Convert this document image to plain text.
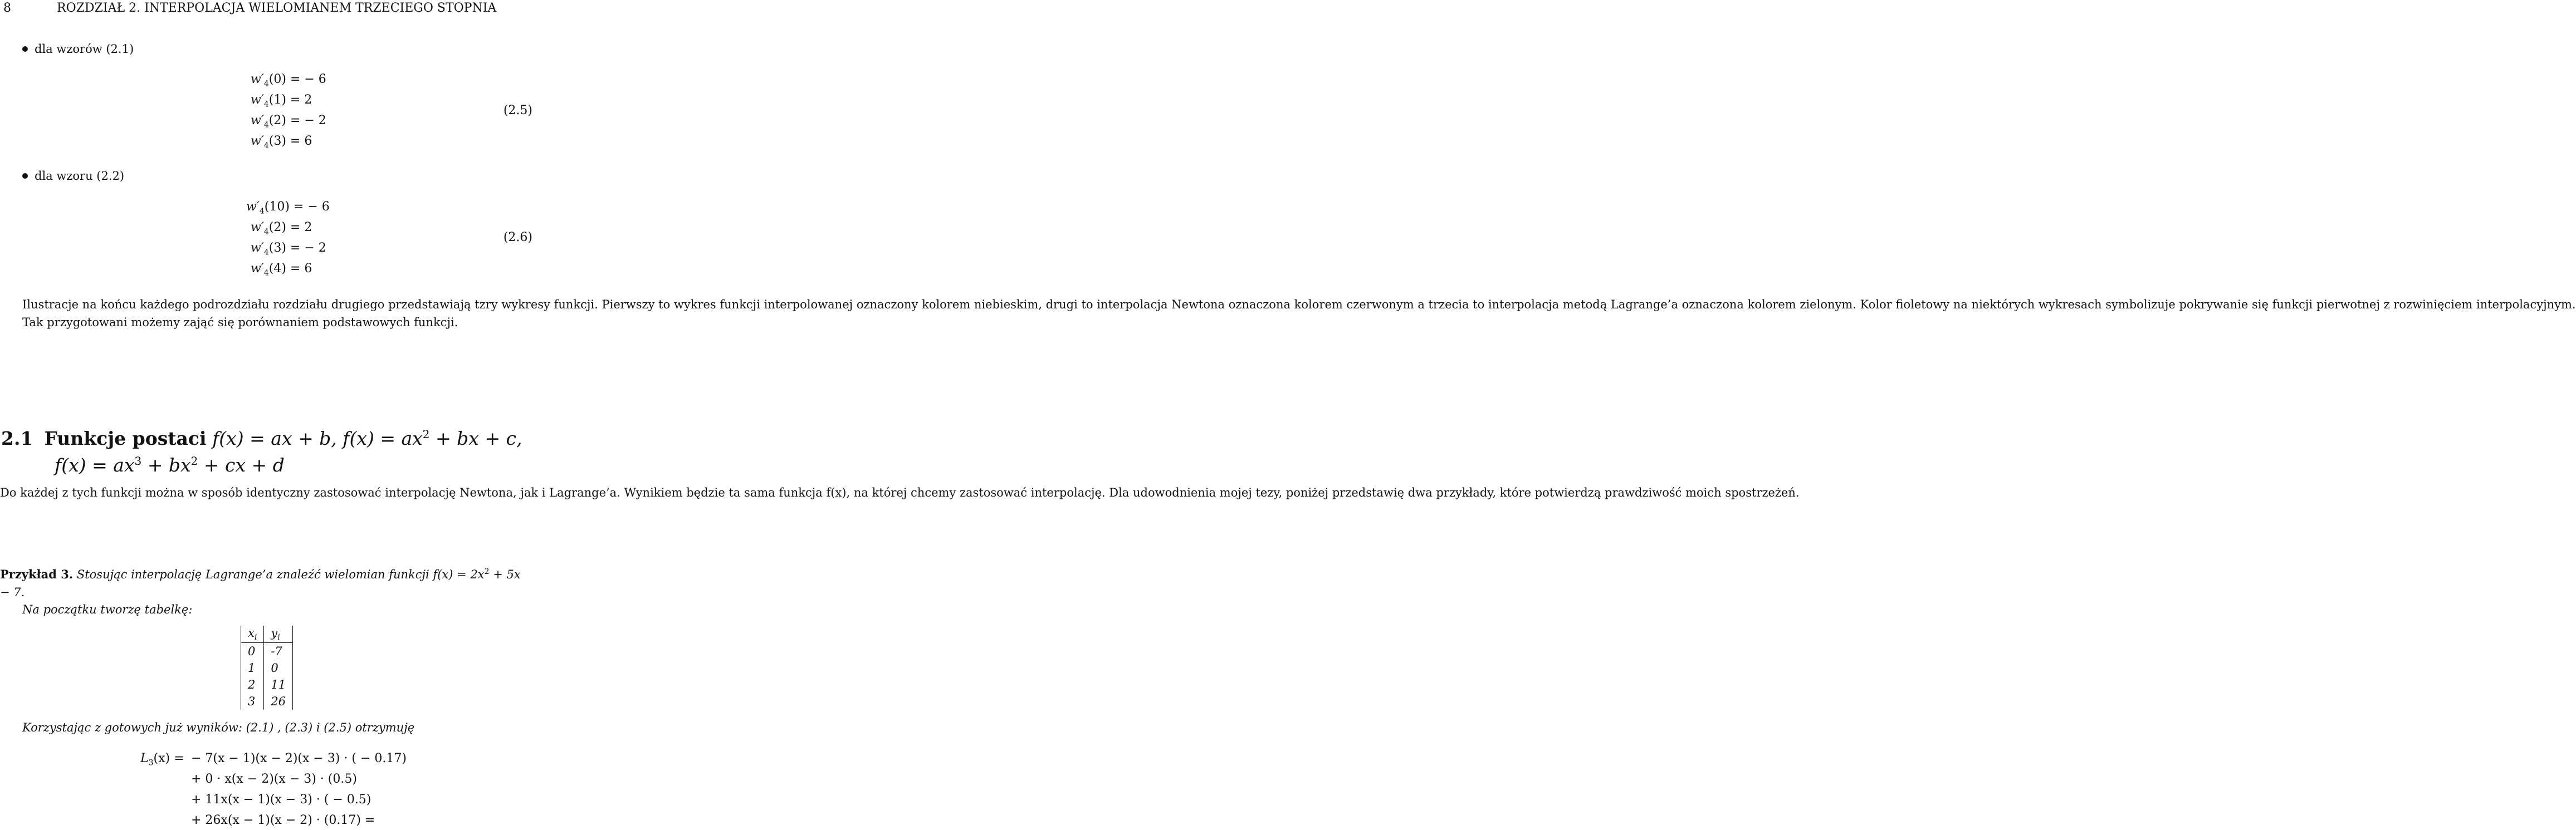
8	ROZDZIAŁ 2. INTERPOLACJA WIELOMIANEM TRZECIEGO STOPNIA
dla wzorów (2.1)
$w'_4(0)$ = − 6
$w'_4(1) = 2$
$w'_4(2)$ = − 2
$w'_4(3) = 6$
(2.5)
dla wzoru (2.2)
$w'_4(10)$ = − 6
$w'_4(2) = 2$
$w'_4(3)$ = − 2
$w'_4(4) = 6$
(2.6)

Ilustracje na końcu każdego podrozdziału rozdziału drugiego przedstawiają tzry wykresy funkcji. Pierwszy to wykres funkcji interpolowanej oznaczony kolorem niebieskim, drugi to interpolacja Newtona oznaczona kolorem czerwonym a trzecia to interpolacja metodą Lagrange’a oznaczona kolorem zielonym. Kolor fioletowy na niektórych wykresach symbolizuje pokrywanie się funkcji pierwotnej z rozwinięciem interpolacyjnym.

Tak przygotowani możemy zająć się porównaniem podstawowych funkcji.

2.1 Funkcje postaci f(x) = ax + b, $f(x) = ax^2$ + bx + c,
$f(x) = ax^3 + bx^2$ + cx + d

Do każdej z tych funkcji można w sposób identyczny zastosować interpolację Newtona, jak i Lagrange’a. Wynikiem będzie ta sama funkcja f(x), na której chcemy zastosować interpolację. Dla udowodnienia mojej tezy, poniżej przedstawię dwa przykłady, które potwierdzą prawdziwość moich spostrzeżeń.

Przykład 3. Stosując interpolację Lagrange’a znaleźć wielomian funkcji $f(x) = 2x^2 + 5x - 7$.
Na początku tworzę tabelkę:
$x_i$	$y_i$
0	-7
1	0
2	11
3	26
Korzystając z gotowych już wyników: (2.1) , (2.3) i (2.5) otrzymuję
$L_3(x)$ = − 7(x − 1)(x − 2)(x − 3) · ( − 0.17)
+ 0 · x(x − 2)(x − 3) · (0.5)
+ 11x(x − 1)(x − 3) · ( − 0.5)
+ 26x(x − 1)(x − 2) · (0.17) =
